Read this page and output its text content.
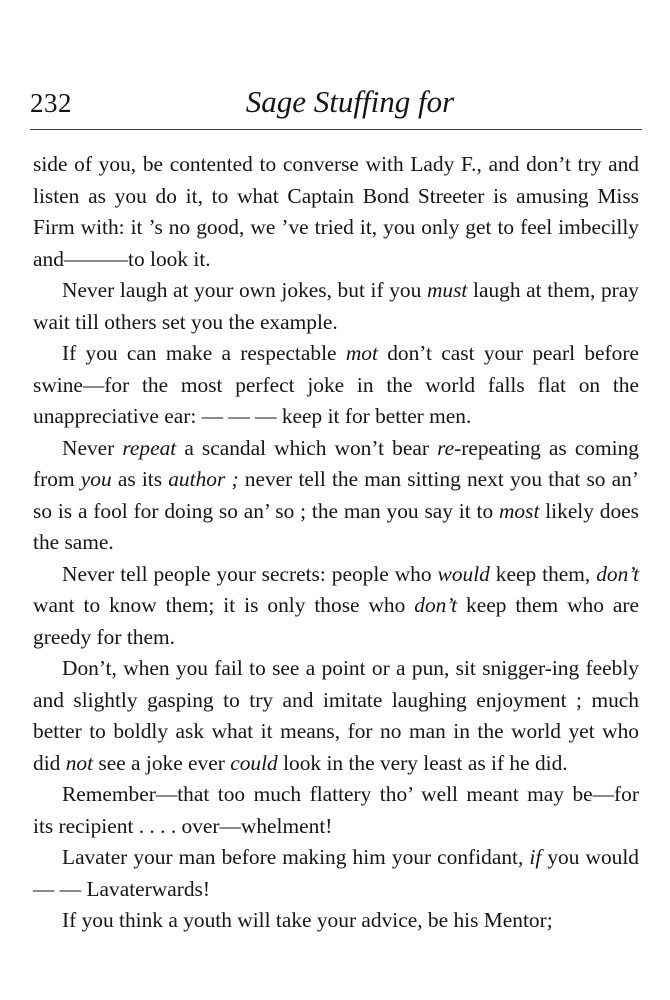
232	Sage Stuffing for

side of you, be contented to converse with Lady F., and don’t try and listen as you do it, to what Captain Bond Streeter is amusing Miss Firm with: it ’s no good, we ’ve tried it, you only get to feel imbecilly and———to look it.

Never laugh at your own jokes, but if you must laugh at them, pray wait till others set you the example.

If you can make a respectable mot don’t cast your pearl before swine—for the most perfect joke in the world falls flat on the unappreciative ear: — — — keep it for better men.

Never repeat a scandal which won’t bear re-repeating as coming from you as its author ; never tell the man sitting next you that so an’ so is a fool for doing so an’ so ; the man you say it to most likely does the same.

Never tell people your secrets: people who would keep them, don’t want to know them; it is only those who don’t keep them who are greedy for them.

Don’t, when you fail to see a point or a pun, sit snigger-ing feebly and slightly gasping to try and imitate laughing enjoyment ; much better to boldly ask what it means, for no man in the world yet who did not see a joke ever could look in the very least as if he did.

Remember—that too much flattery tho’ well meant may be—for its recipient . . . . over—whelment!

Lavater your man before making him your confidant, if you would — — Lavaterwards!

If you think a youth will take your advice, be his Mentor;
